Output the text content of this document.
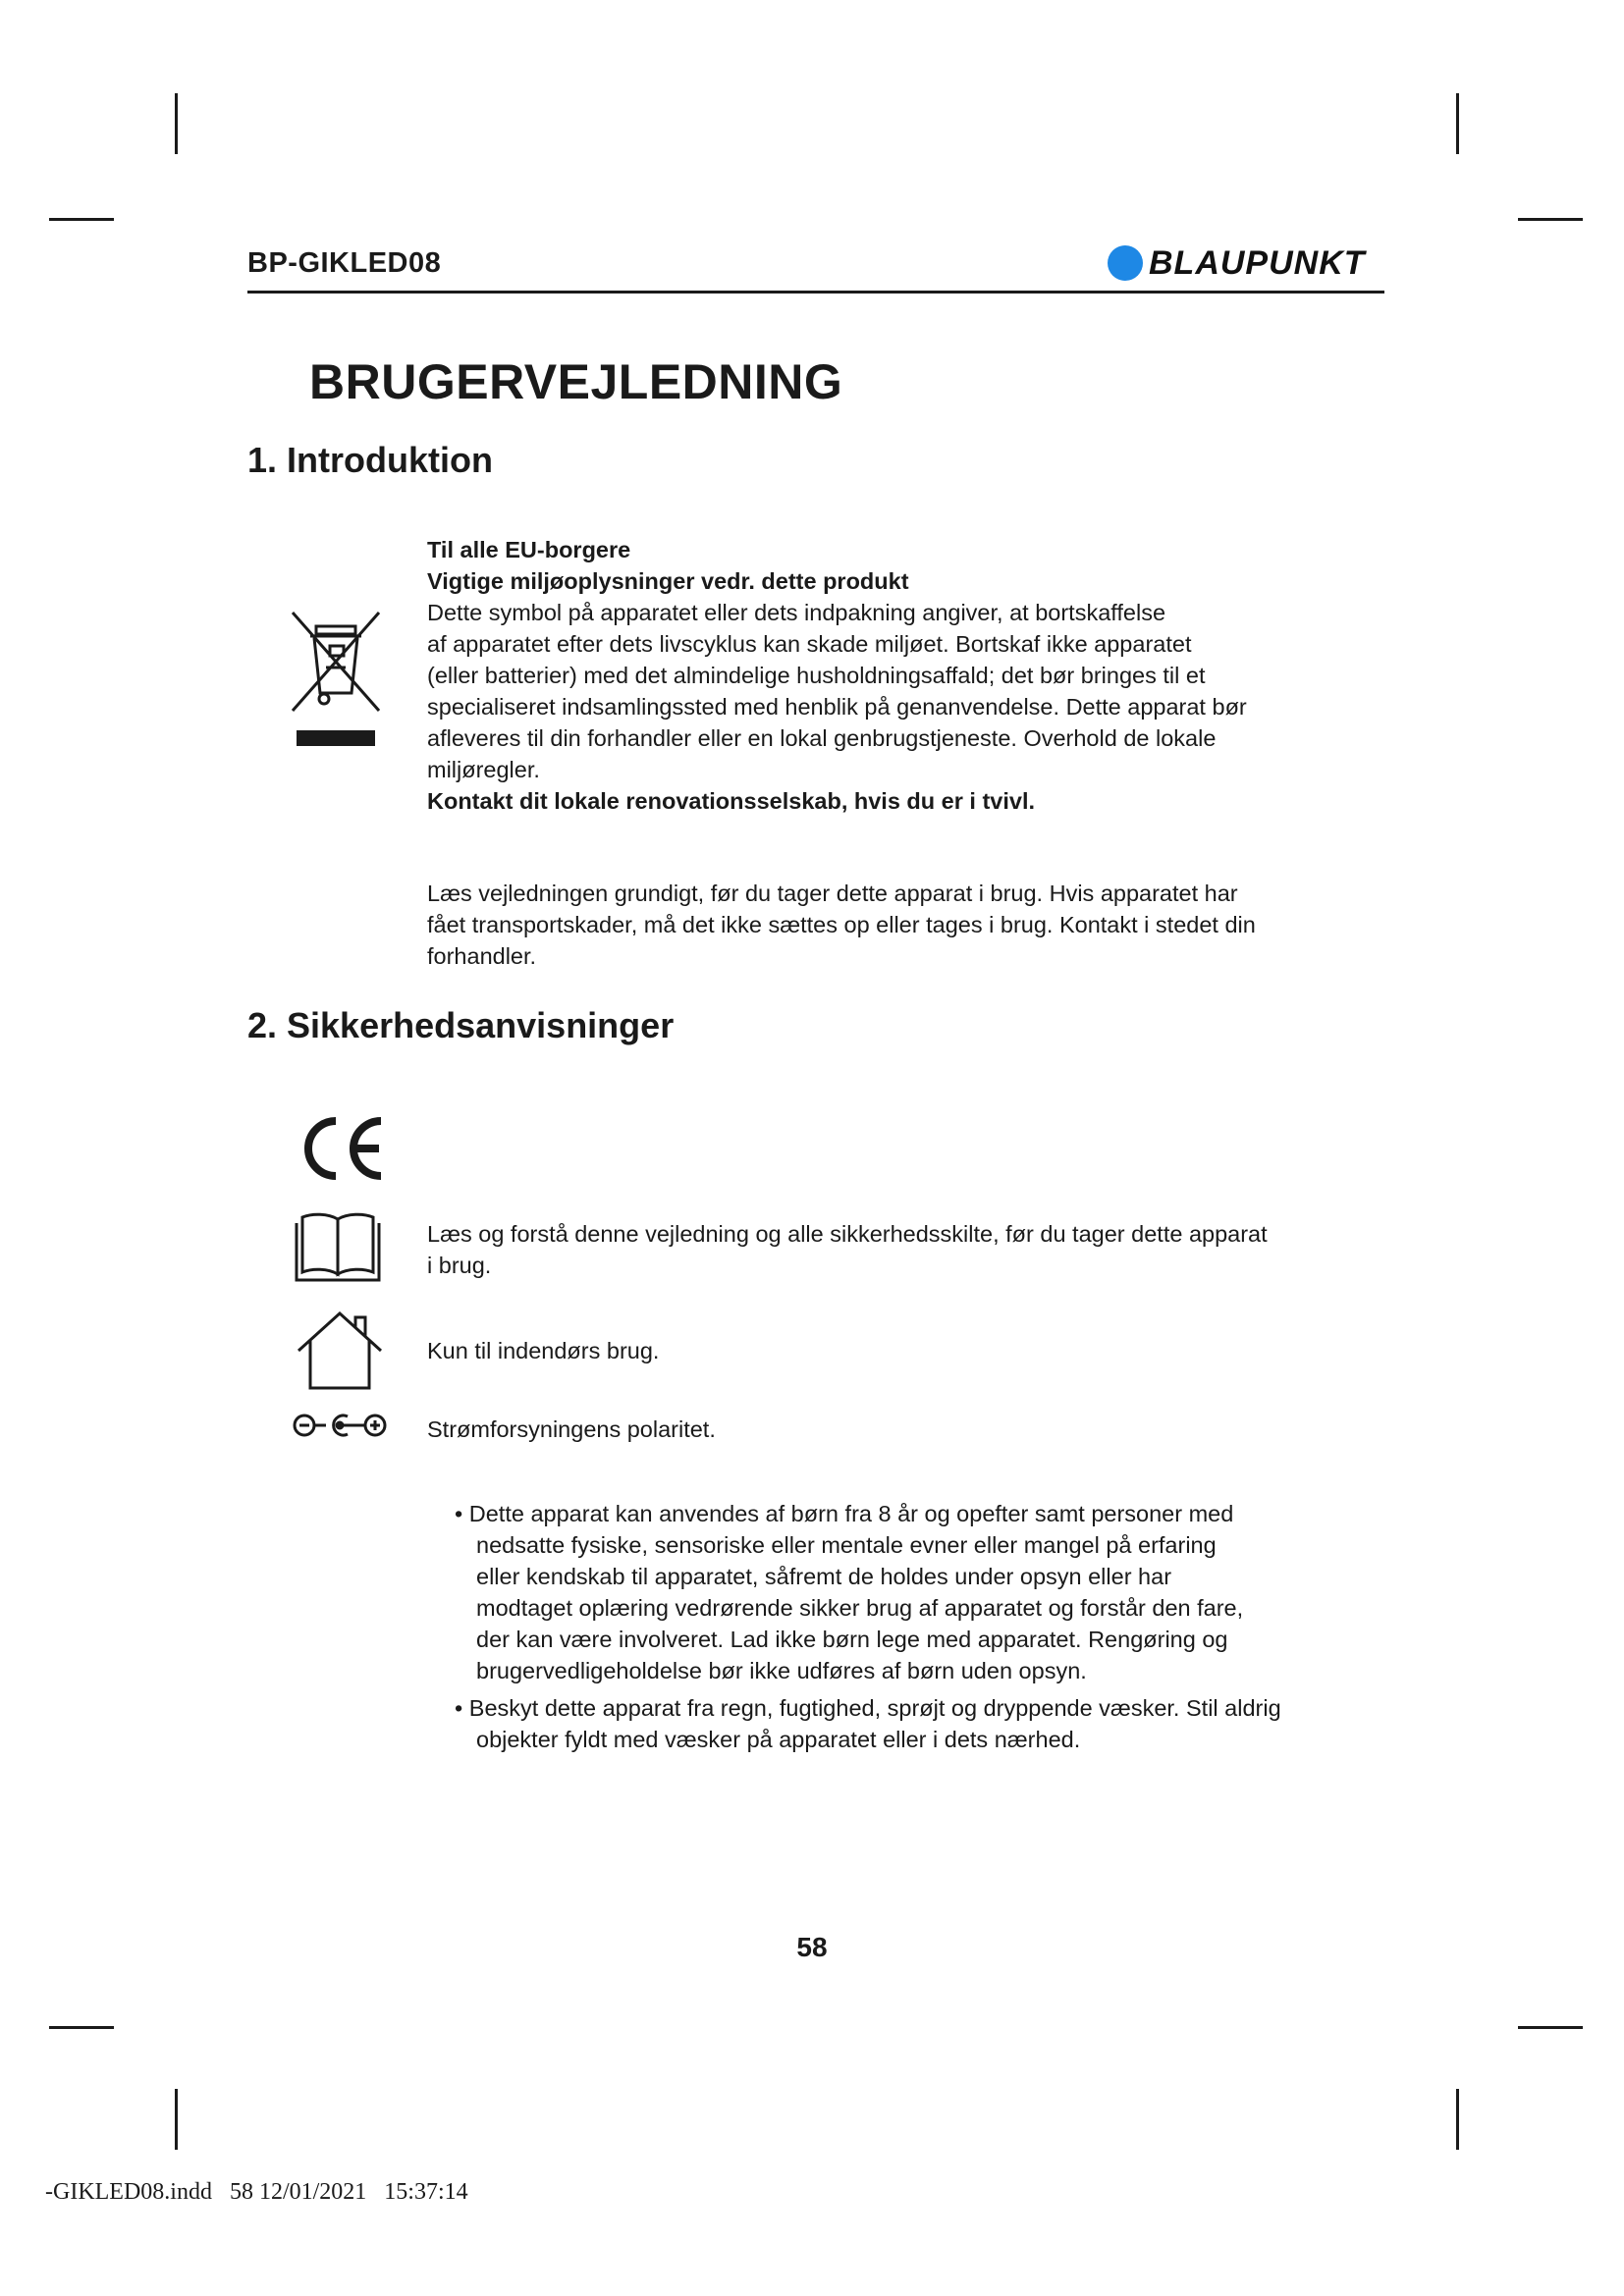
BP-GIKLED08	BLAUPUNKT
BRUGERVEJLEDNING
1. Introduktion
Til alle EU-borgere
Vigtige miljøoplysninger vedr. dette produkt
Dette symbol på apparatet eller dets indpakning angiver, at bortskaffelse
af apparatet efter dets livscyklus kan skade miljøet. Bortskaf ikke apparatet
(eller batterier) med det almindelige husholdningsaffald; det bør bringes til et
specialiseret indsamlingssted med henblik på genanvendelse. Dette apparat bør
afleveres til din forhandler eller en lokal genbrugstjeneste. Overhold de lokale
miljøregler.
Kontakt dit lokale renovationsselskab, hvis du er i tvivl.
Læs vejledningen grundigt, før du tager dette apparat i brug. Hvis apparatet har
fået transportskader, må det ikke sættes op eller tages i brug. Kontakt i stedet din
forhandler.
2. Sikkerhedsanvisninger
Læs og forstå denne vejledning og alle sikkerhedsskilte, før du tager dette apparat
i brug.
Kun til indendørs brug.
Strømforsyningens polaritet.
• Dette apparat kan anvendes af børn fra 8 år og opefter samt personer med
nedsatte fysiske, sensoriske eller mentale evner eller mangel på erfaring
eller kendskab til apparatet, såfremt de holdes under opsyn eller har
modtaget oplæring vedrørende sikker brug af apparatet og forstår den fare,
der kan være involveret. Lad ikke børn lege med apparatet. Rengøring og
brugervedligeholdelse bør ikke udføres af børn uden opsyn.
• Beskyt dette apparat fra regn, fugtighed, sprøjt og dryppende væsker. Stil aldrig
objekter fyldt med væsker på apparatet eller i dets nærhed.
58
-GIKLED08.indd   58 12/01/2021   15:37:14
